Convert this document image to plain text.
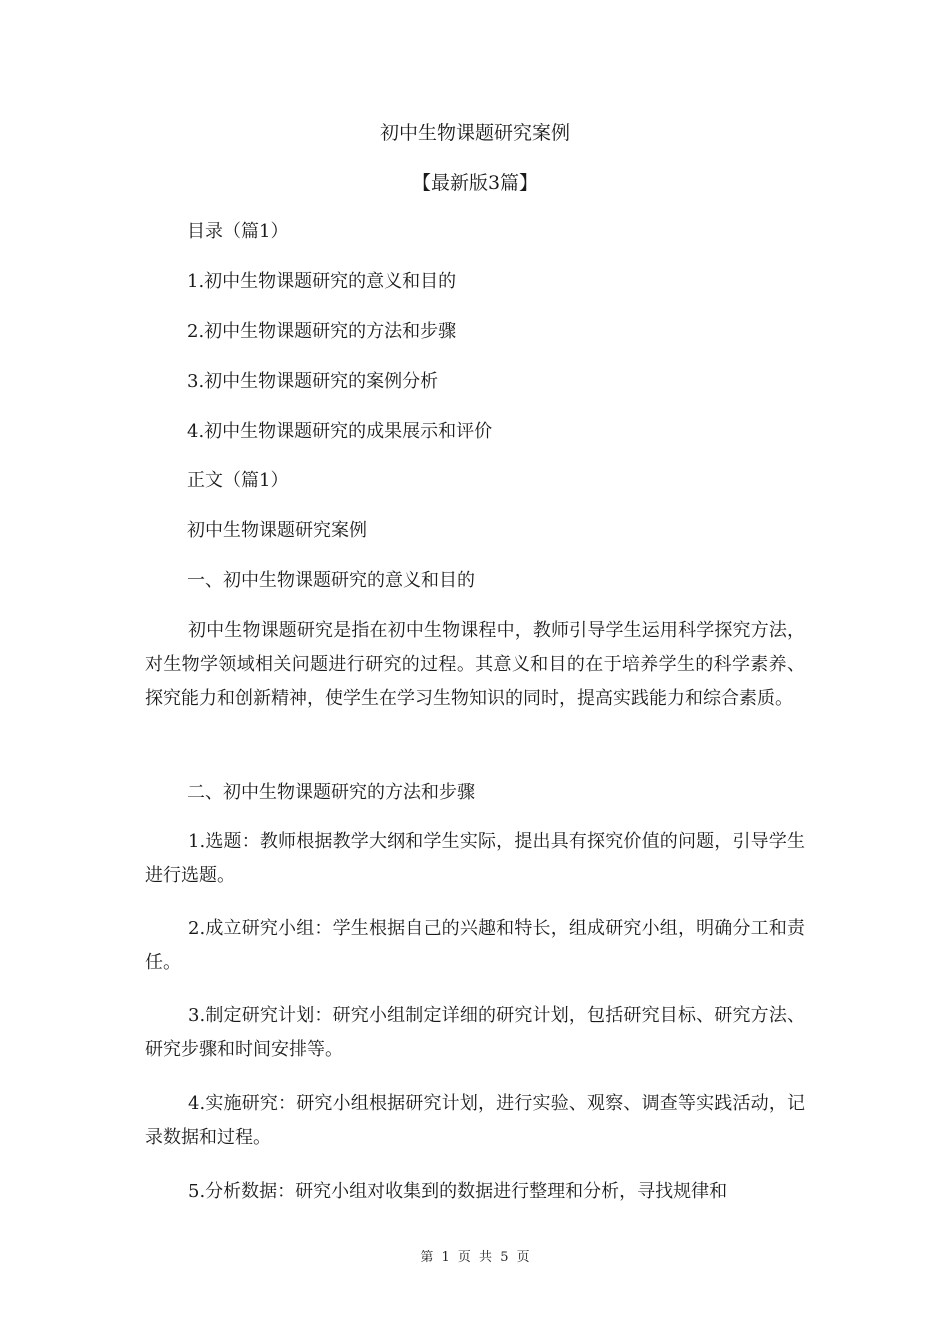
初中生物课题研究案例
【最新版3篇】
目录（篇1）
1.初中生物课题研究的意义和目的
2.初中生物课题研究的方法和步骤
3.初中生物课题研究的案例分析
4.初中生物课题研究的成果展示和评价
正文（篇1）
初中生物课题研究案例
一、初中生物课题研究的意义和目的
初中生物课题研究是指在初中生物课程中，教师引导学生运用科学探究方法，对生物学领域相关问题进行研究的过程。其意义和目的在于培养学生的科学素养、探究能力和创新精神，使学生在学习生物知识的同时，提高实践能力和综合素质。
二、初中生物课题研究的方法和步骤
1.选题：教师根据教学大纲和学生实际，提出具有探究价值的问题，引导学生进行选题。
2.成立研究小组：学生根据自己的兴趣和特长，组成研究小组，明确分工和责任。
3.制定研究计划：研究小组制定详细的研究计划，包括研究目标、研究方法、研究步骤和时间安排等。
4.实施研究：研究小组根据研究计划，进行实验、观察、调查等实践活动，记录数据和过程。
5.分析数据：研究小组对收集到的数据进行整理和分析，寻找规律和
第 1 页 共 5 页
